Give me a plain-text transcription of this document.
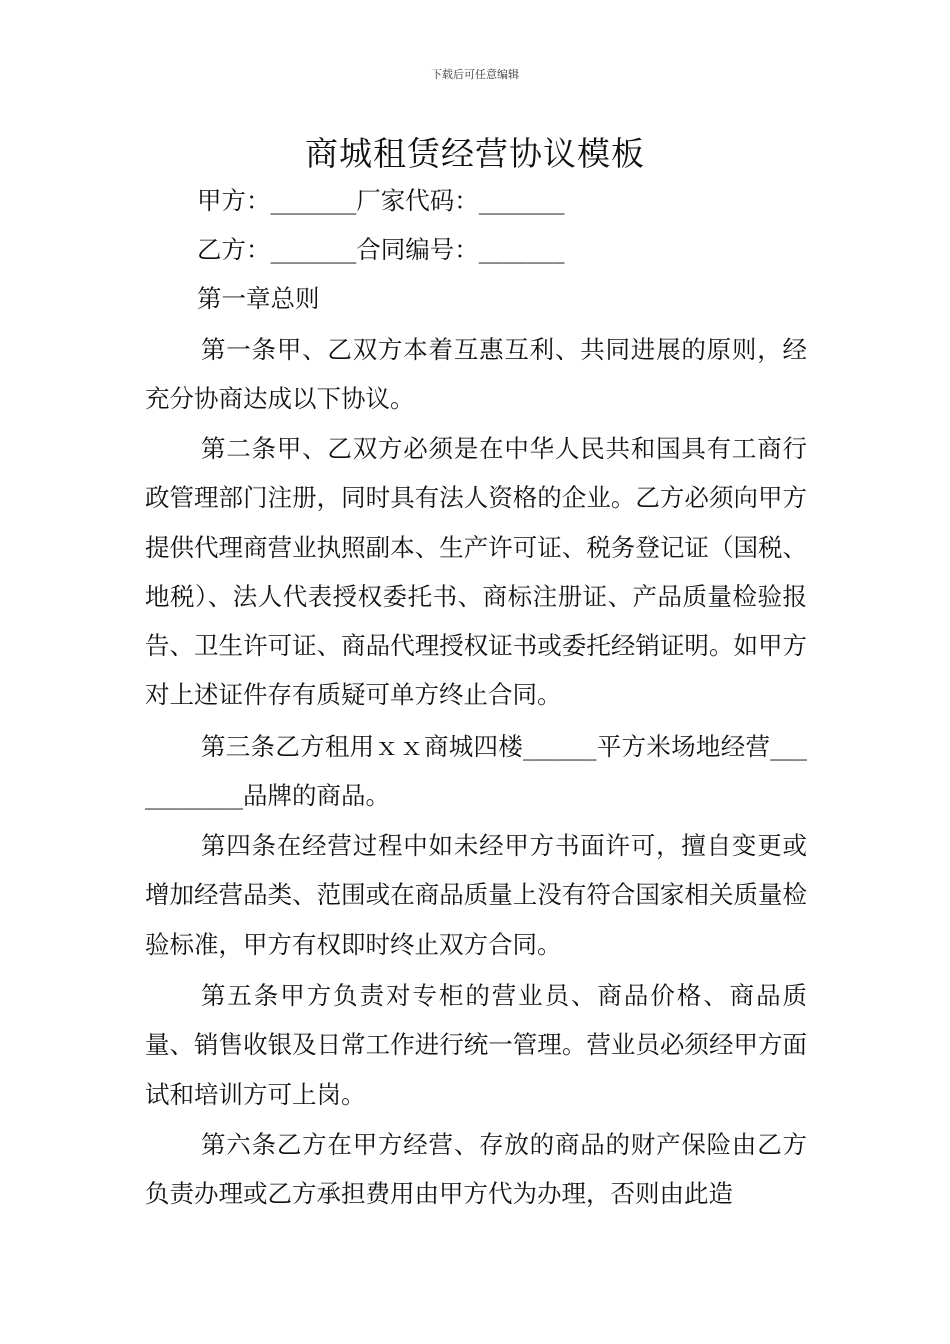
下载后可任意编辑
商城租赁经营协议模板
甲方：_______厂家代码：_______
乙方：_______合同编号：_______
第一章总则

第一条甲、乙双方本着互惠互利、共同进展的原则，经充分协商达成以下协议。

第二条甲、乙双方必须是在中华人民共和国具有工商行政管理部门注册，同时具有法人资格的企业。乙方必须向甲方提供代理商营业执照副本、生产许可证、税务登记证（国税、地税）、法人代表授权委托书、商标注册证、产品质量检验报告、卫生许可证、商品代理授权证书或委托经销证明。如甲方对上述证件存有质疑可单方终止合同。

第三条乙方租用ｘｘ商城四楼______平方米场地经营___________品牌的商品。

第四条在经营过程中如未经甲方书面许可，擅自变更或增加经营品类、范围或在商品质量上没有符合国家相关质量检验标准，甲方有权即时终止双方合同。

第五条甲方负责对专柜的营业员、商品价格、商品质量、销售收银及日常工作进行统一管理。营业员必须经甲方面试和培训方可上岗。

第六条乙方在甲方经营、存放的商品的财产保险由乙方负责办理或乙方承担费用由甲方代为办理，否则由此造
